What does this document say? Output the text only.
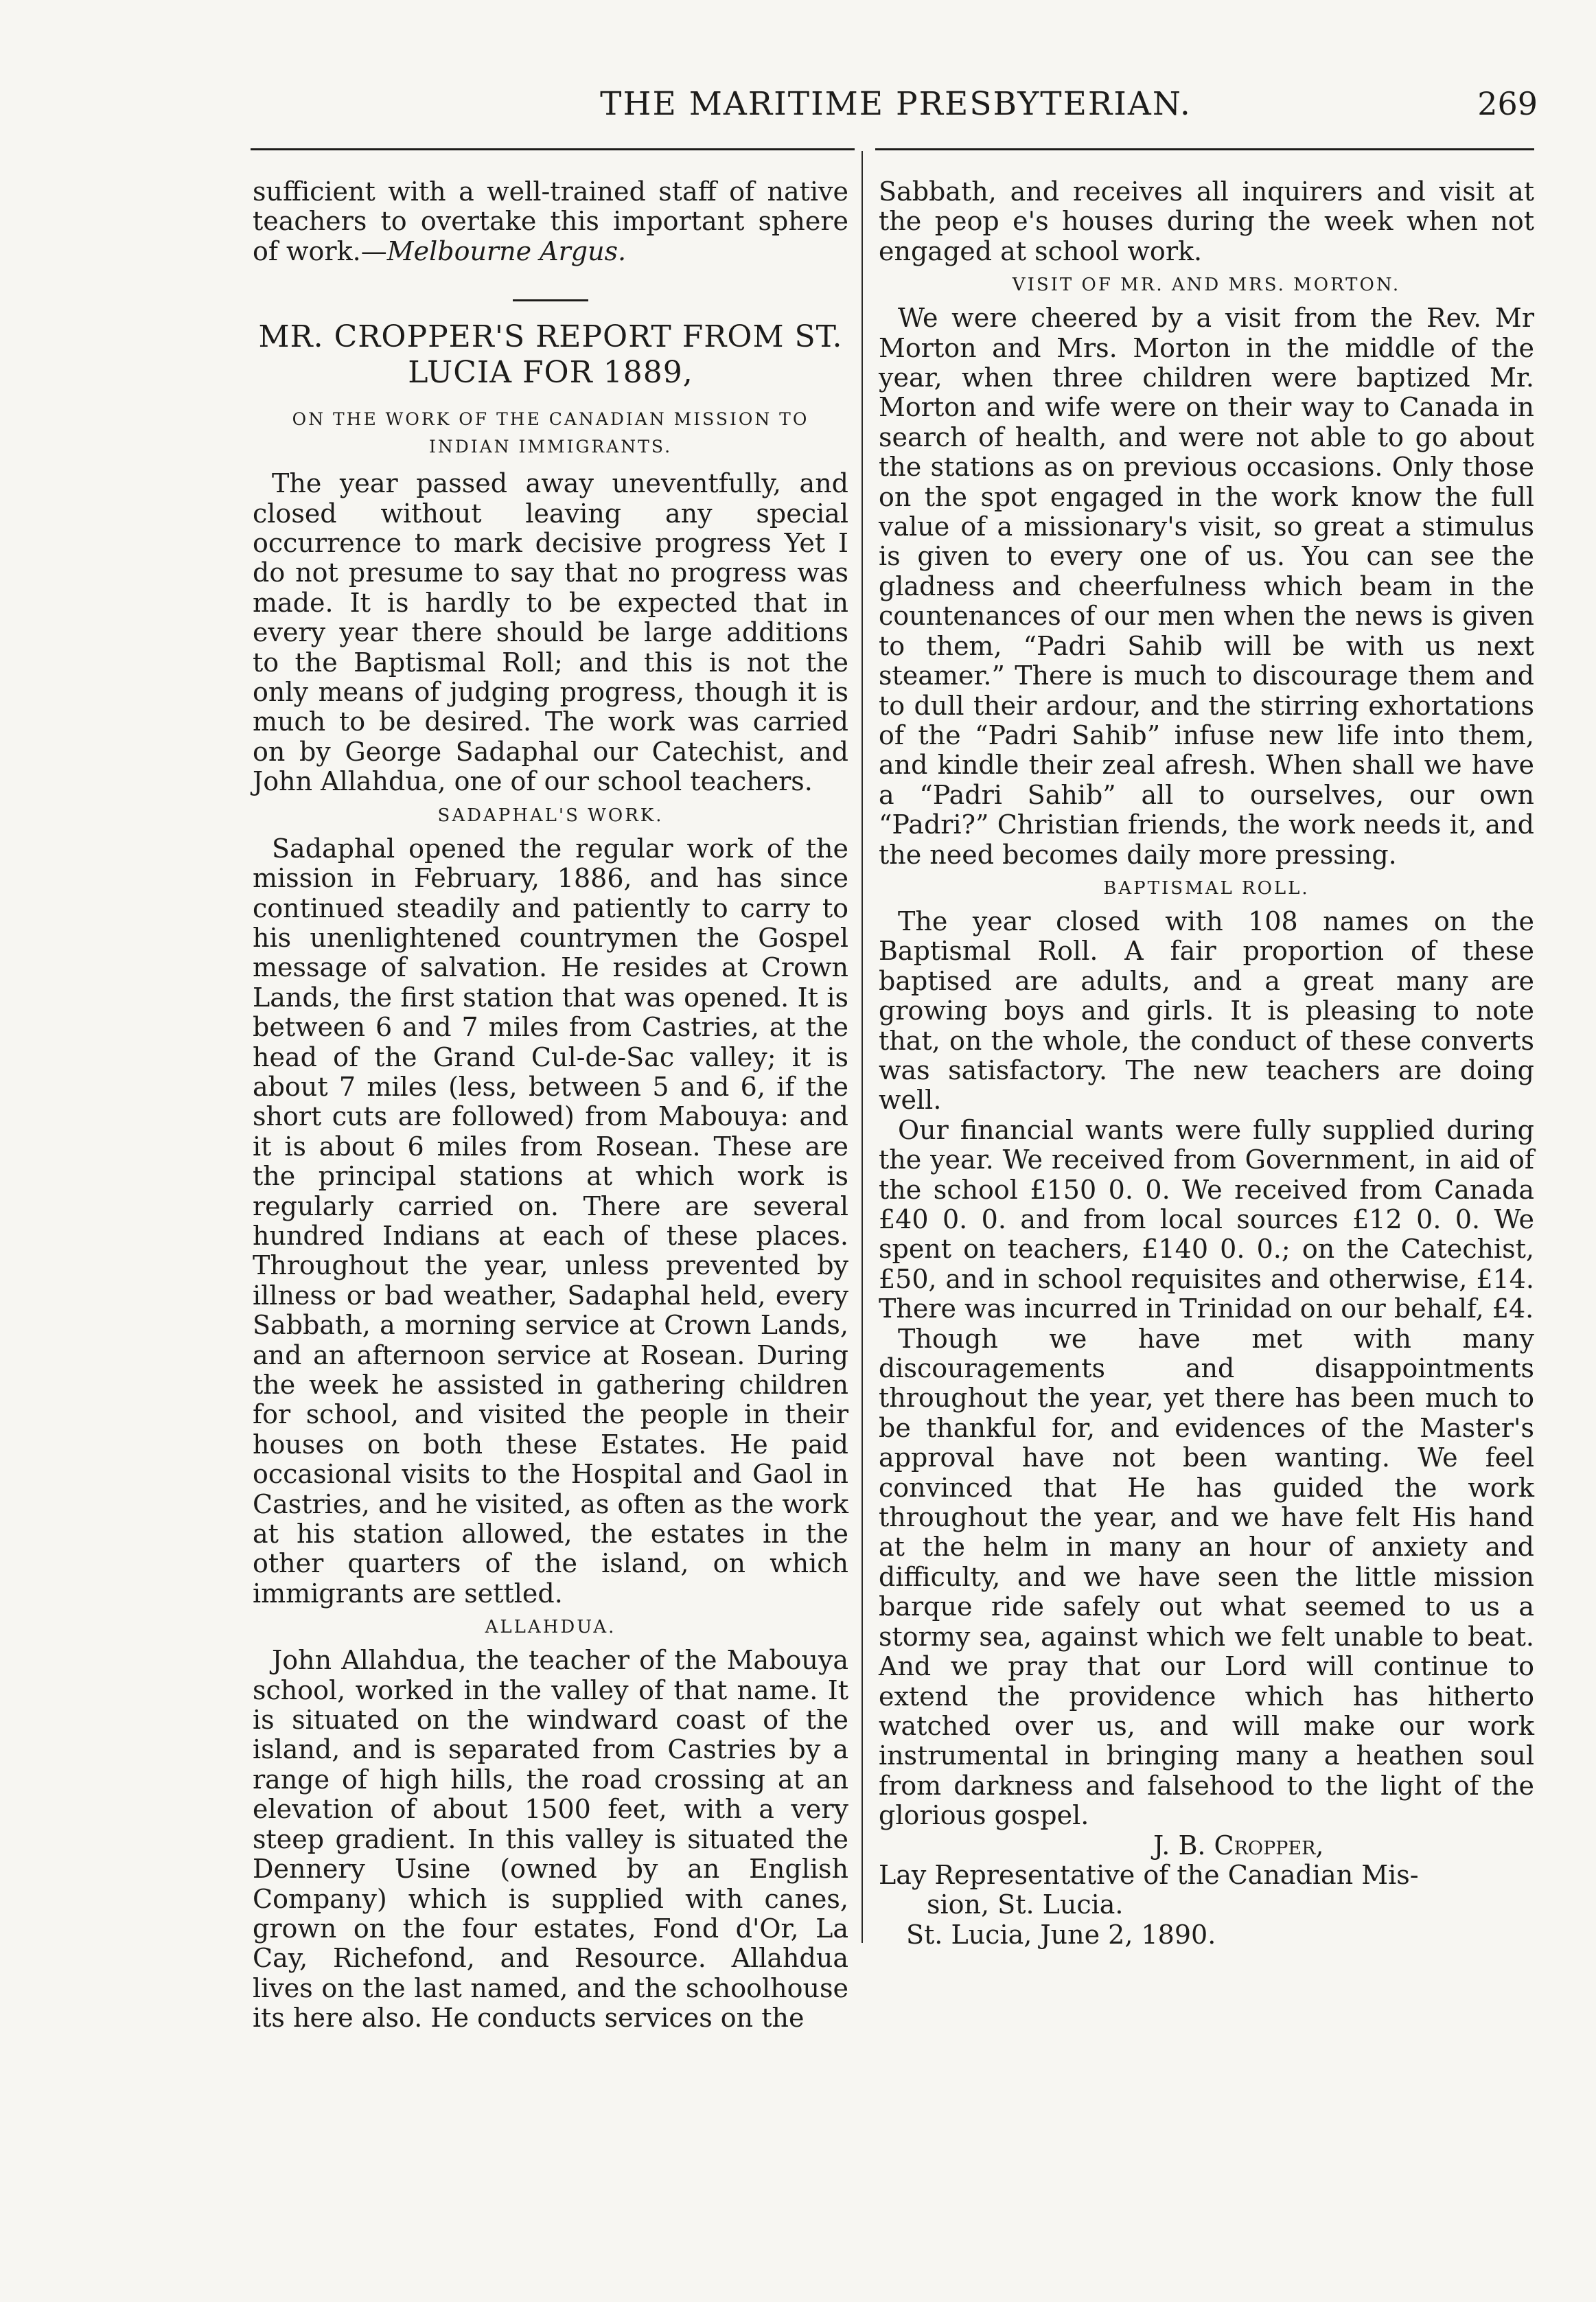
THE MARITIME PRESBYTERIAN.	269

sufficient with a well-trained staff of native teachers to overtake this important sphere of work.—Melbourne Argus.

MR. CROPPER'S REPORT FROM ST. LUCIA FOR 1889,
ON THE WORK OF THE CANADIAN MISSION TO INDIAN IMMIGRANTS.

The year passed away uneventfully, and closed without leaving any special occurrence to mark decisive progress Yet I do not presume to say that no progress was made. It is hardly to be expected that in every year there should be large additions to the Baptismal Roll; and this is not the only means of judging progress, though it is much to be desired. The work was carried on by George Sadaphal our Catechist, and John Allahdua, one of our school teachers.

SADAPHAL'S WORK.

Sadaphal opened the regular work of the mission in February, 1886, and has since continued steadily and patiently to carry to his unenlightened countrymen the Gospel message of salvation. He resides at Crown Lands, the first station that was opened. It is between 6 and 7 miles from Castries, at the head of the Grand Cul-de-Sac valley; it is about 7 miles (less, between 5 and 6, if the short cuts are followed) from Mabouya: and it is about 6 miles from Rosean. These are the principal stations at which work is regularly carried on. There are several hundred Indians at each of these places. Throughout the year, unless prevented by illness or bad weather, Sadaphal held, every Sabbath, a morning service at Crown Lands, and an afternoon service at Rosean. During the week he assisted in gathering children for school, and visited the people in their houses on both these Estates. He paid occasional visits to the Hospital and Gaol in Castries, and he visited, as often as the work at his station allowed, the estates in the other quarters of the island, on which immigrants are settled.

ALLAHDUA.

John Allahdua, the teacher of the Mabouya school, worked in the valley of that name. It is situated on the windward coast of the island, and is separated from Castries by a range of high hills, the road crossing at an elevation of about 1500 feet, with a very steep gradient. In this valley is situated the Dennery Usine (owned by an English Company) which is supplied with canes, grown on the four estates, Fond d'Or, La Cay, Richefond, and Resource. Allahdua lives on the last named, and the schoolhouse its here also. He conducts services on the

Sabbath, and receives all inquirers and visit at the peop e's houses during the week when not engaged at school work.

VISIT OF MR. AND MRS. MORTON.

We were cheered by a visit from the Rev. Mr Morton and Mrs. Morton in the middle of the year, when three children were baptized Mr. Morton and wife were on their way to Canada in search of health, and were not able to go about the stations as on previous occasions. Only those on the spot engaged in the work know the full value of a missionary's visit, so great a stimulus is given to every one of us. You can see the gladness and cheerfulness which beam in the countenances of our men when the news is given to them, “Padri Sahib will be with us next steamer.” There is much to discourage them and to dull their ardour, and the stirring exhortations of the “Padri Sahib” infuse new life into them, and kindle their zeal afresh. When shall we have a “Padri Sahib” all to ourselves, our own “Padri?” Christian friends, the work needs it, and the need becomes daily more pressing.

BAPTISMAL ROLL.

The year closed with 108 names on the Baptismal Roll. A fair proportion of these baptised are adults, and a great many are growing boys and girls. It is pleasing to note that, on the whole, the conduct of these converts was satisfactory. The new teachers are doing well.

Our financial wants were fully supplied during the year. We received from Government, in aid of the school £150 0. 0. We received from Canada £40 0. 0. and from local sources £12 0. 0. We spent on teachers, £140 0. 0.; on the Catechist, £50, and in school requisites and otherwise, £14. There was incurred in Trinidad on our behalf, £4.

Though we have met with many discouragements and disappointments throughout the year, yet there has been much to be thankful for, and evidences of the Master's approval have not been wanting. We feel convinced that He has guided the work throughout the year, and we have felt His hand at the helm in many an hour of anxiety and difficulty, and we have seen the little mission barque ride safely out what seemed to us a stormy sea, against which we felt unable to beat. And we pray that our Lord will continue to extend the providence which has hitherto watched over us, and will make our work instrumental in bringing many a heathen soul from darkness and falsehood to the light of the glorious gospel.

J. B. Cropper,
Lay Representative of the Canadian Mis-
sion, St. Lucia.
St. Lucia, June 2, 1890.
